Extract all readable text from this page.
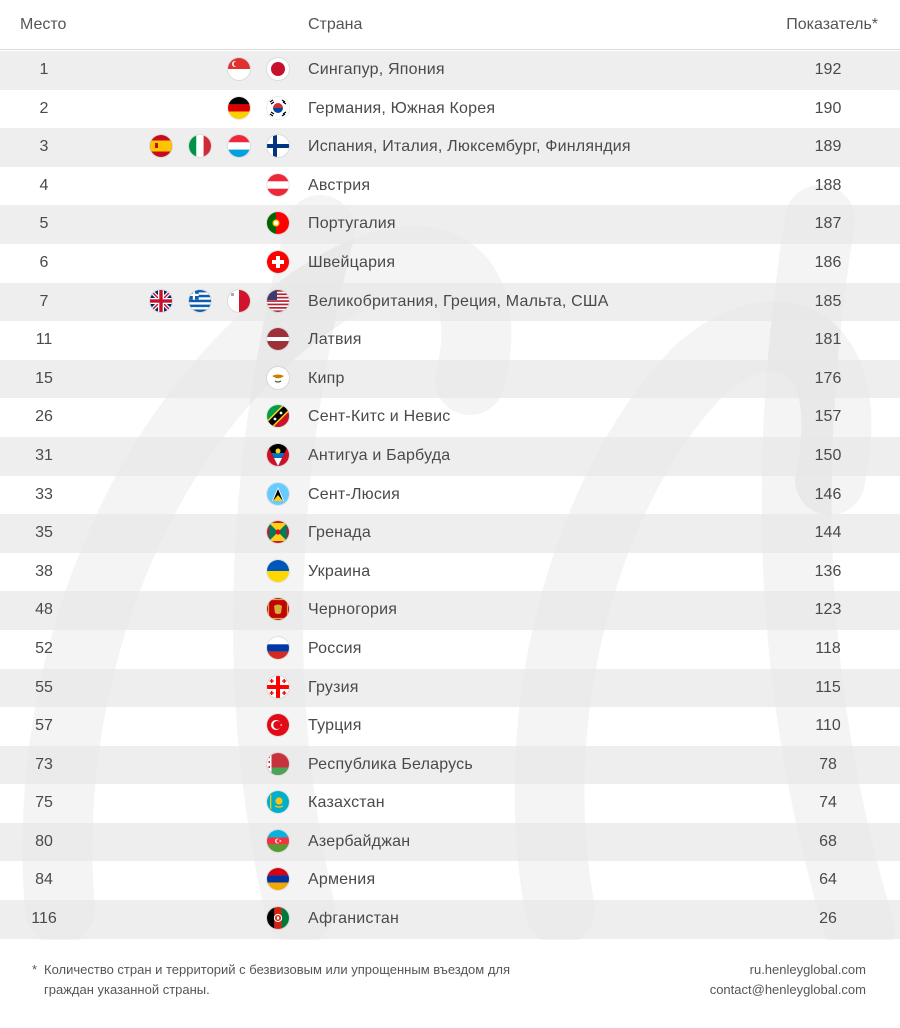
Место	Страна	Показатель*
1	Сингапур, Япония	192
2	Германия, Южная Корея	190
3	Испания, Италия, Люксембург, Финляндия	189
4	Австрия	188
5	Португалия	187
6	Швейцария	186
7	Великобритания, Греция, Мальта, США	185
11	Латвия	181
15	Кипр	176
26	Сент-Китс и Невис	157
31	Антигуа и Барбуда	150
33	Сент-Люсия	146
35	Гренада	144
38	Украина	136
48	Черногория	123
52	Россия	118
55	Грузия	115
57	Турция	110
73	Республика Беларусь	78
75	Казахстан	74
80	Азербайджан	68
84	Армения	64
116	Афганистан	26
* Количество стран и территорий с безвизовым или упрощенным въездом для граждан указанной страны.
ru.henleyglobal.com
contact@henleyglobal.com
